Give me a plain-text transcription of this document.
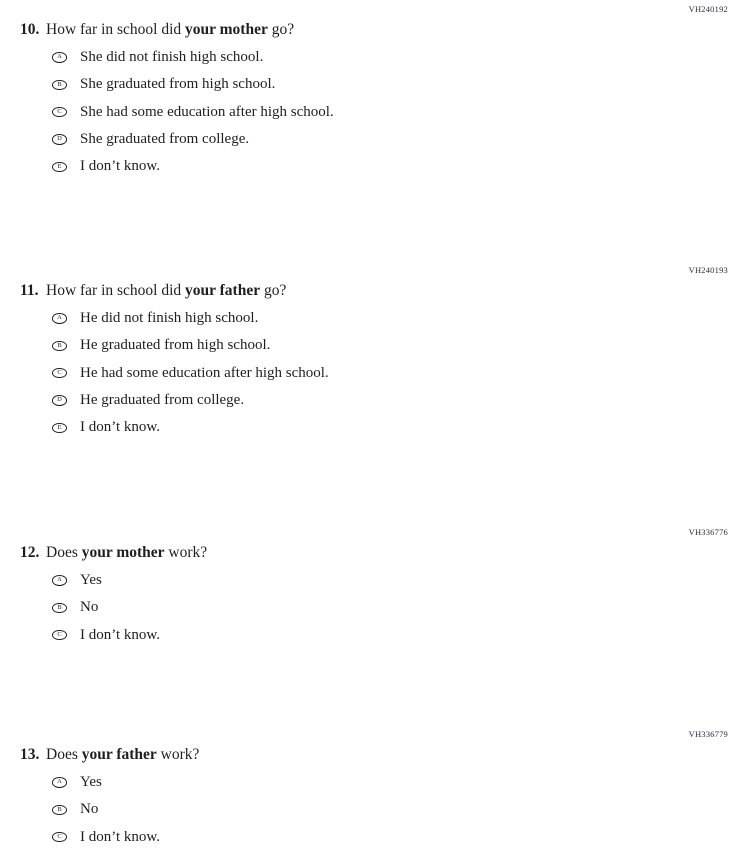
VH240192
10. How far in school did your mother go?
A She did not finish high school.
B She graduated from high school.
C She had some education after high school.
D She graduated from college.
E I don’t know.
VH240193
11. How far in school did your father go?
A He did not finish high school.
B He graduated from high school.
C He had some education after high school.
D He graduated from college.
E I don’t know.
VH336776
12. Does your mother work?
A Yes
B No
C I don’t know.
VH336779
13. Does your father work?
A Yes
B No
C I don’t know.
